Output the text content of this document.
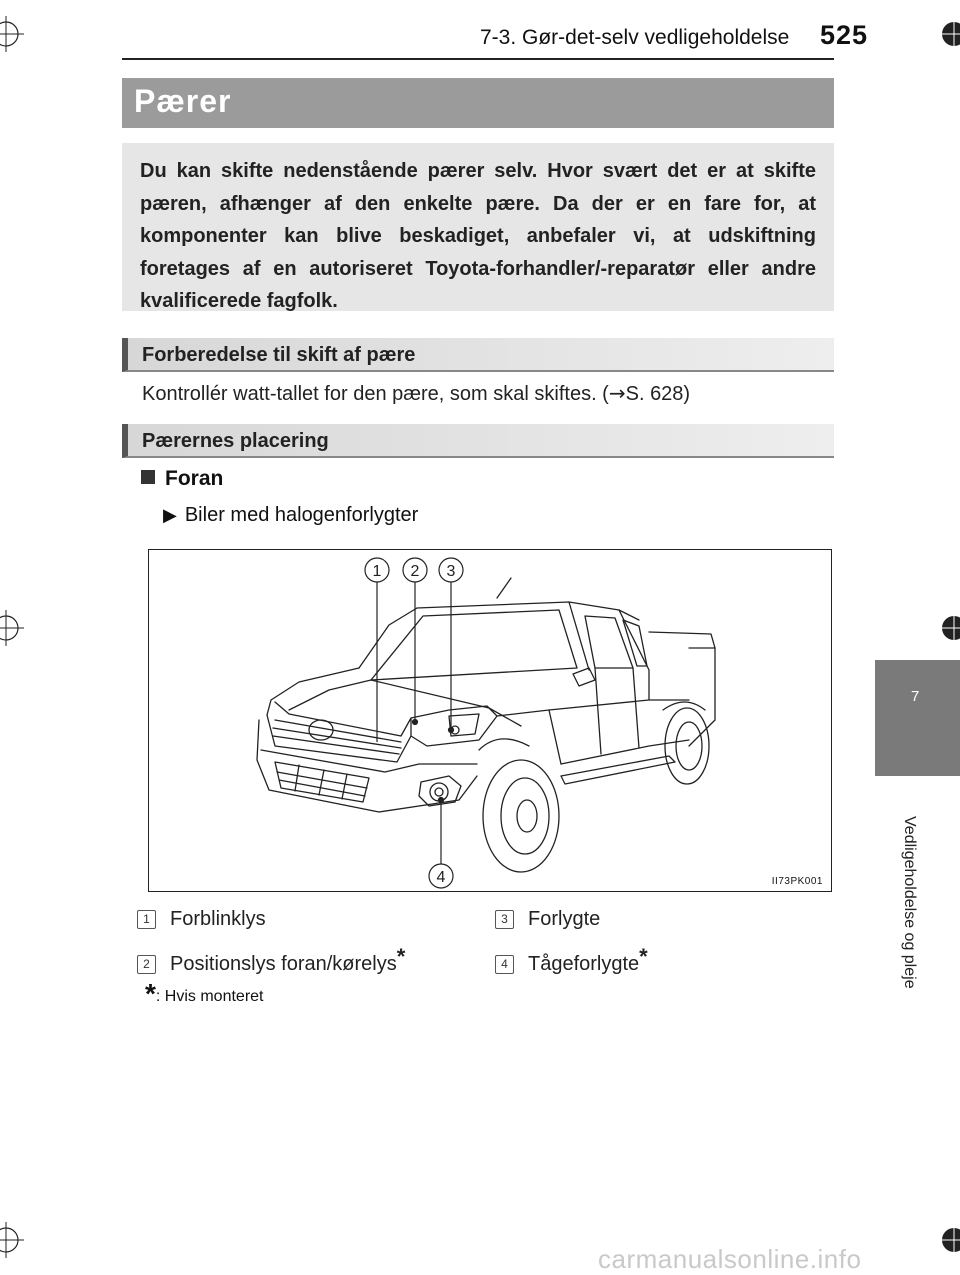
7-3. Gør-det-selv vedligeholdelse 525
Pærer

Du kan skifte nedenstående pærer selv. Hvor svært det er at skifte pæren, afhænger af den enkelte pære. Da der er en fare for, at komponenter kan blive beskadiget, anbefaler vi, at udskiftning foretages af en autoriseret Toyota-forhandler/-reparatør eller andre kvalificerede fagfolk.

Forberedelse til skift af pære
Kontrollér watt-tallet for den pære, som skal skiftes. (→S. 628)
Pærernes placering
Foran
▶ Biler med halogenforlygter
1 2 3
4	II73PK001
1 Forblinklys
2 Positionslys foran/kørelys*
3 Forlygte
4 Tågeforlygte*
*: Hvis monteret
7
Vedligeholdelse og pleje
carmanualsonline.info
